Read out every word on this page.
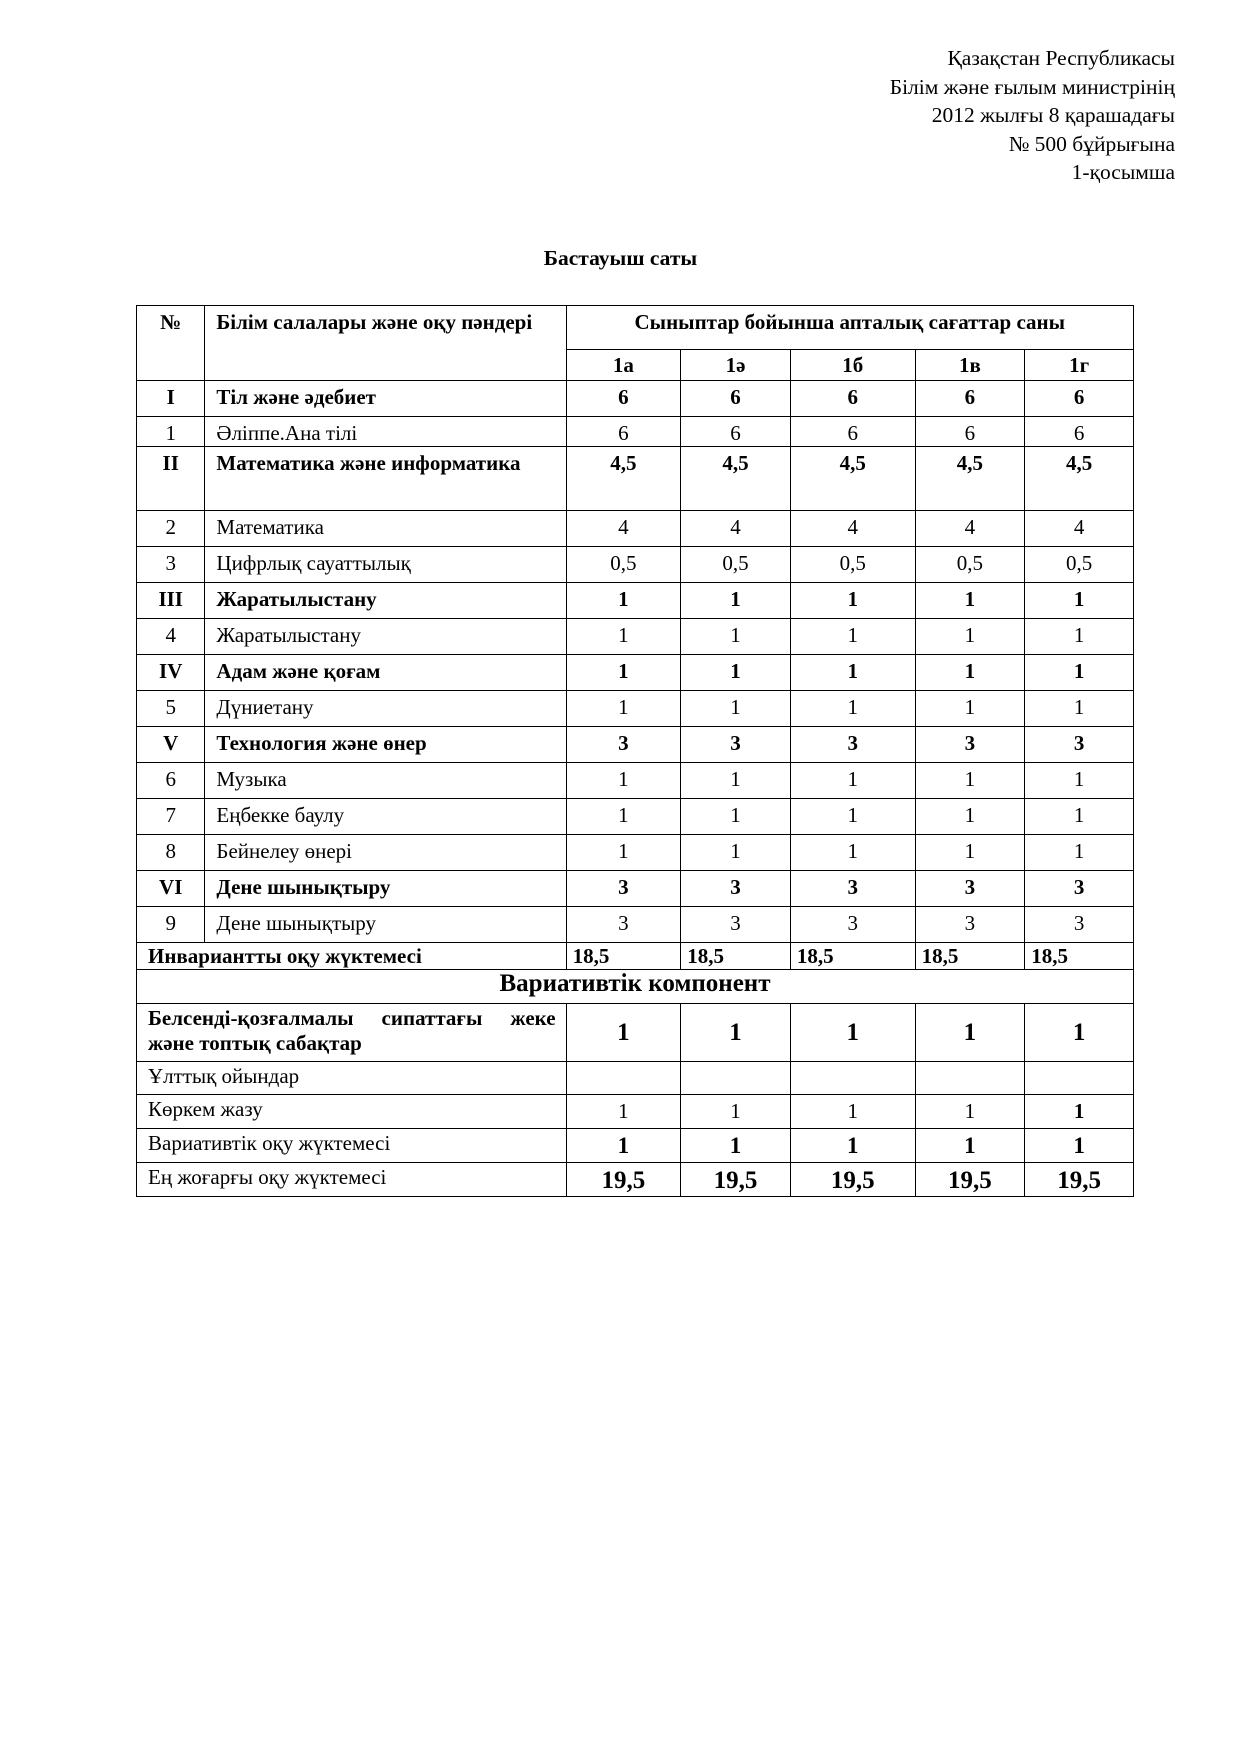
Қазақстан Республикасы
Білім және ғылым министрінің
2012 жылғы 8 қарашадағы
№ 500 бұйрығына
1-қосымша
Бастауыш саты
№	Білім салалары және оқу пәндері	Сыныптар бойынша апталық сағаттар саны				
		1а	1ә	1б	1в	1г
I	Тіл және әдебиет	6	6	6	6	6
1	Әліппе.Ана тілі	6	6	6	6	6
II	Математика және информатика	4,5	4,5	4,5	4,5	4,5
2	Математика	4	4	4	4	4
3	Цифрлық сауаттылық	0,5	0,5	0,5	0,5	0,5
III	Жаратылыстану	1	1	1	1	1
4	Жаратылыстану	1	1	1	1	1
IV	Адам және қоғам	1	1	1	1	1
5	Дүниетану	1	1	1	1	1
V	Технология және өнер	3	3	3	3	3
6	Музыка	1	1	1	1	1
7	Еңбекке баулу	1	1	1	1	1
8	Бейнелеу өнері	1	1	1	1	1
VI	Дене шынықтыру	3	3	3	3	3
9	Дене шынықтыру	3	3	3	3	3
Инвариантты оқу жүктемесі		18,5	18,5	18,5	18,5	18,5
Вариативтік компонент						
Белсенді-қозғалмалы сипаттағы жеке және топтық сабақтар		1	1	1	1	1
Ұлттық ойындар						
Көркем жазу		1	1	1	1	1
Вариативтік оқу жүктемесі		1	1	1	1	1
Ең жоғарғы оқу жүктемесі		19,5	19,5	19,5	19,5	19,5
